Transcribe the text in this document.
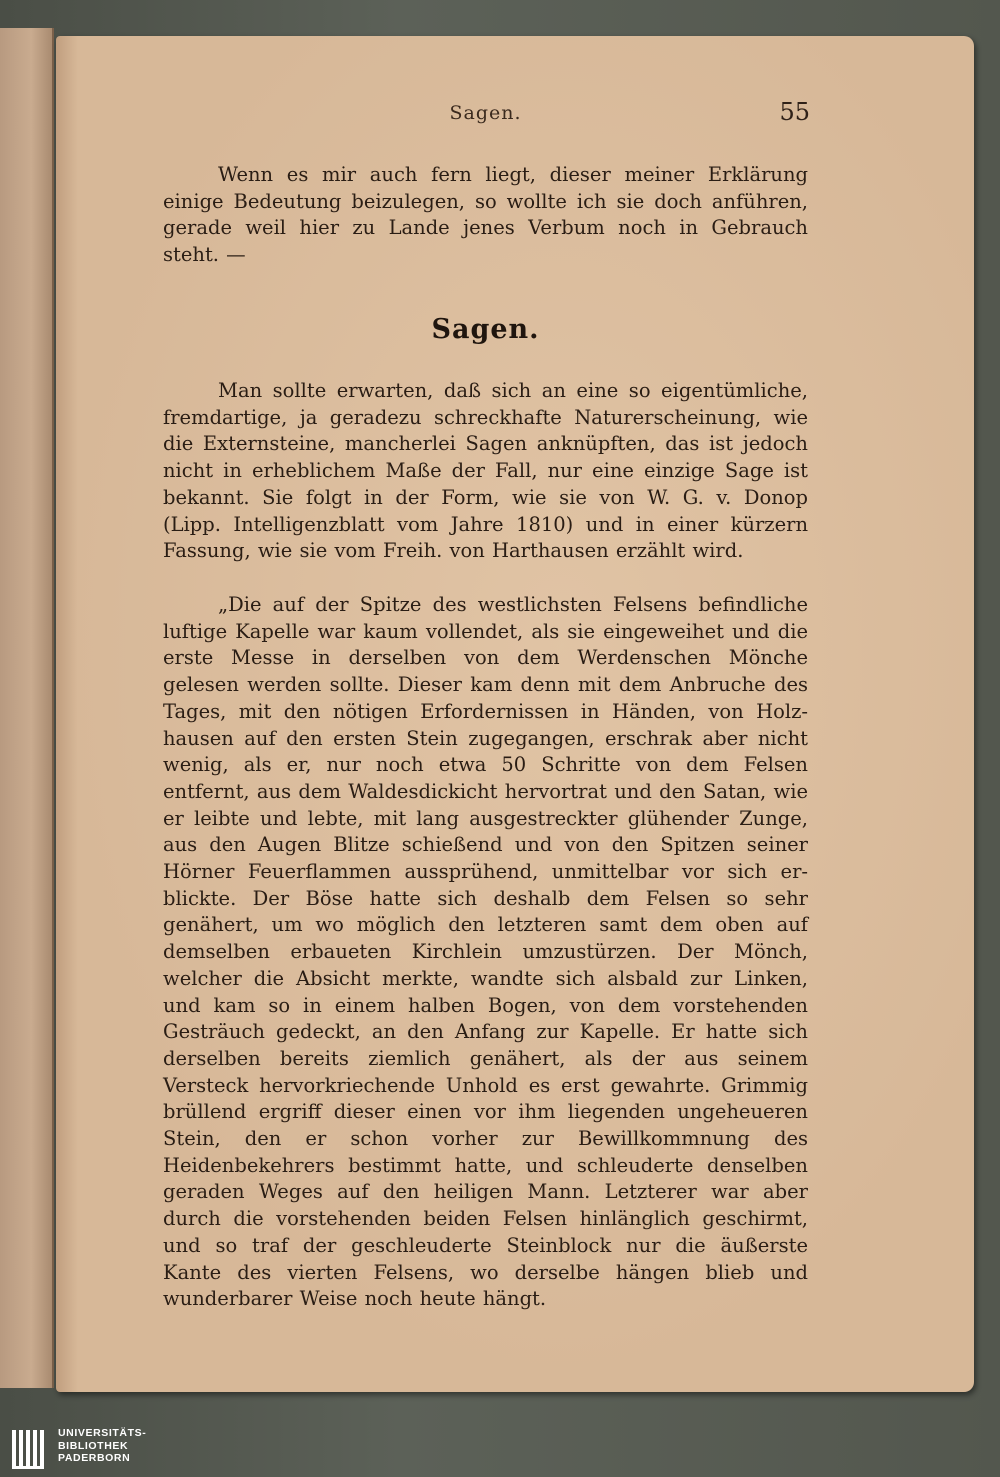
Sagen.	55

Wenn es mir auch fern liegt, dieser meiner Erklärung einige Bedeutung beizulegen, so wollte ich sie doch anführen, gerade weil hier zu Lande jenes Verbum noch in Gebrauch steht. —

Sagen.

Man sollte erwarten, daß sich an eine so eigentümliche, fremdartige, ja geradezu schreckhafte Naturerscheinung, wie die Externsteine, mancherlei Sagen anknüpften, das ist jedoch nicht in erheblichem Maße der Fall, nur eine einzige Sage ist bekannt. Sie folgt in der Form, wie sie von W. G. v. Donop (Lipp. Intelligenzblatt vom Jahre 1810) und in einer kürzern Fassung, wie sie vom Freih. von Harthausen erzählt wird.

„Die auf der Spitze des westlichsten Felsens befindliche luftige Kapelle war kaum vollendet, als sie eingeweihet und die erste Messe in derselben von dem Werdenschen Mönche gelesen werden sollte. Dieser kam denn mit dem Anbruche des Tages, mit den nötigen Erfordernissen in Händen, von Holzhausen auf den ersten Stein zugegangen, erschrak aber nicht wenig, als er, nur noch etwa 50 Schritte von dem Felsen entfernt, aus dem Waldesdickicht hervortrat und den Satan, wie er leibte und lebte, mit lang ausgestreckter glühender Zunge, aus den Augen Blitze schießend und von den Spitzen seiner Hörner Feuerflammen aussprühend, unmittelbar vor sich erblickte. Der Böse hatte sich deshalb dem Felsen so sehr genähert, um wo möglich den letzteren samt dem oben auf demselben erbaueten Kirchlein umzustürzen. Der Mönch, welcher die Absicht merkte, wandte sich alsbald zur Linken, und kam so in einem halben Bogen, von dem vorstehenden Gesträuch gedeckt, an den Anfang zur Kapelle. Er hatte sich derselben bereits ziemlich genähert, als der aus seinem Versteck hervorkriechende Unhold es erst gewahrte. Grimmig brüllend ergriff dieser einen vor ihm liegenden ungeheueren Stein, den er schon vorher zur Bewillkommnung des Heidenbekehrers bestimmt hatte, und schleuderte denselben geraden Weges auf den heiligen Mann. Letzterer war aber durch die vorstehenden beiden Felsen hinlänglich geschirmt, und so traf der geschleuderte Steinblock nur die äußerste Kante des vierten Felsens, wo derselbe hängen blieb und wunderbarer Weise noch heute hängt.

UNIVERSITÄTS-
BIBLIOTHEK
PADERBORN
